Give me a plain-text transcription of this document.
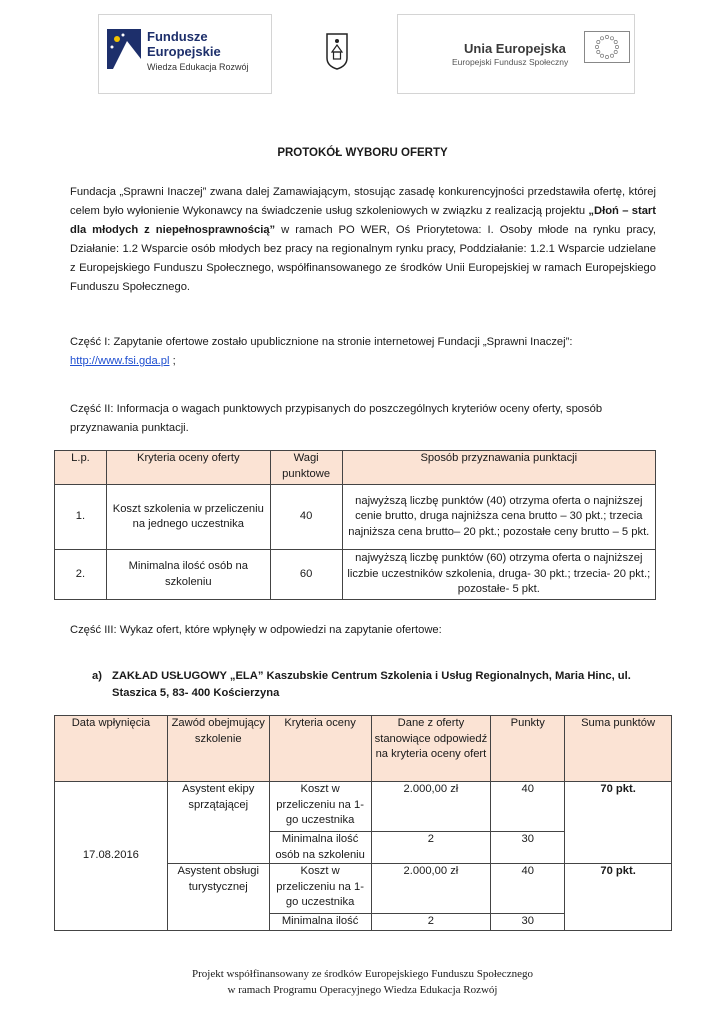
Fundusze Europejskie
Wiedza Edukacja Rozwój
Unia Europejska
Europejski Fundusz Społeczny
PROTOKÓŁ WYBORU OFERTY

Fundacja „Sprawni Inaczej” zwana dalej Zamawiającym, stosując zasadę konkurencyjności przedstawiła ofertę, której celem było wyłonienie Wykonawcy na świadczenie usług szkoleniowych w związku z realizacją projektu „Dłoń – start dla młodych z niepełnosprawnością” w ramach PO WER, Oś Priorytetowa: I. Osoby młode na rynku pracy, Działanie: 1.2 Wsparcie osób młodych bez pracy na regionalnym rynku pracy, Poddziałanie: 1.2.1 Wsparcie udzielane z Europejskiego Funduszu Społecznego, współfinansowanego ze środków Unii Europejskiej w ramach Europejskiego Funduszu Społecznego.

Część I: Zapytanie ofertowe zostało upublicznione na stronie internetowej Fundacji „Sprawni Inaczej”:
http://www.fsi.gda.pl ;

Część II: Informacja o wagach punktowych przypisanych do poszczególnych kryteriów oceny oferty, sposób przyznawania punktacji.

L.p.	Kryteria oceny oferty	Wagi punktowe	Sposób przyznawania punktacji
1.	Koszt szkolenia w przeliczeniu na jednego uczestnika	40	najwyższą liczbę punktów (40) otrzyma oferta o najniższej cenie brutto, druga najniższa cena brutto – 30 pkt.; trzecia najniższa cena brutto– 20 pkt.; pozostałe ceny brutto – 5 pkt.
2.	Minimalna ilość osób na szkoleniu	60	najwyższą liczbę punktów (60) otrzyma oferta o najniższej liczbie uczestników szkolenia, druga- 30 pkt.; trzecia- 20 pkt.; pozostałe- 5 pkt.

Część III: Wykaz ofert, które wpłynęły w odpowiedzi na zapytanie ofertowe:

a) ZAKŁAD USŁUGOWY „ELA” Kaszubskie Centrum Szkolenia i Usług Regionalnych, Maria Hinc, ul. Staszica 5, 83- 400 Kościerzyna
Data wpłynięcia	Zawód obejmujący szkolenie	Kryteria oceny	Dane z oferty stanowiące odpowiedź na kryteria oceny ofert	Punkty	Suma punktów
17.08.2016	Asystent ekipy sprzątającej	Koszt w przeliczeniu na 1-go uczestnika	2.000,00 zł	40	70 pkt.
		Minimalna ilość osób na szkoleniu	2	30	
	Asystent obsługi turystycznej	Koszt w przeliczeniu na 1-go uczestnika	2.000,00 zł	40	70 pkt.
		Minimalna ilość	2	30	
Projekt współfinansowany ze środków Europejskiego Funduszu Społecznego
w ramach Programu Operacyjnego Wiedza Edukacja Rozwój
